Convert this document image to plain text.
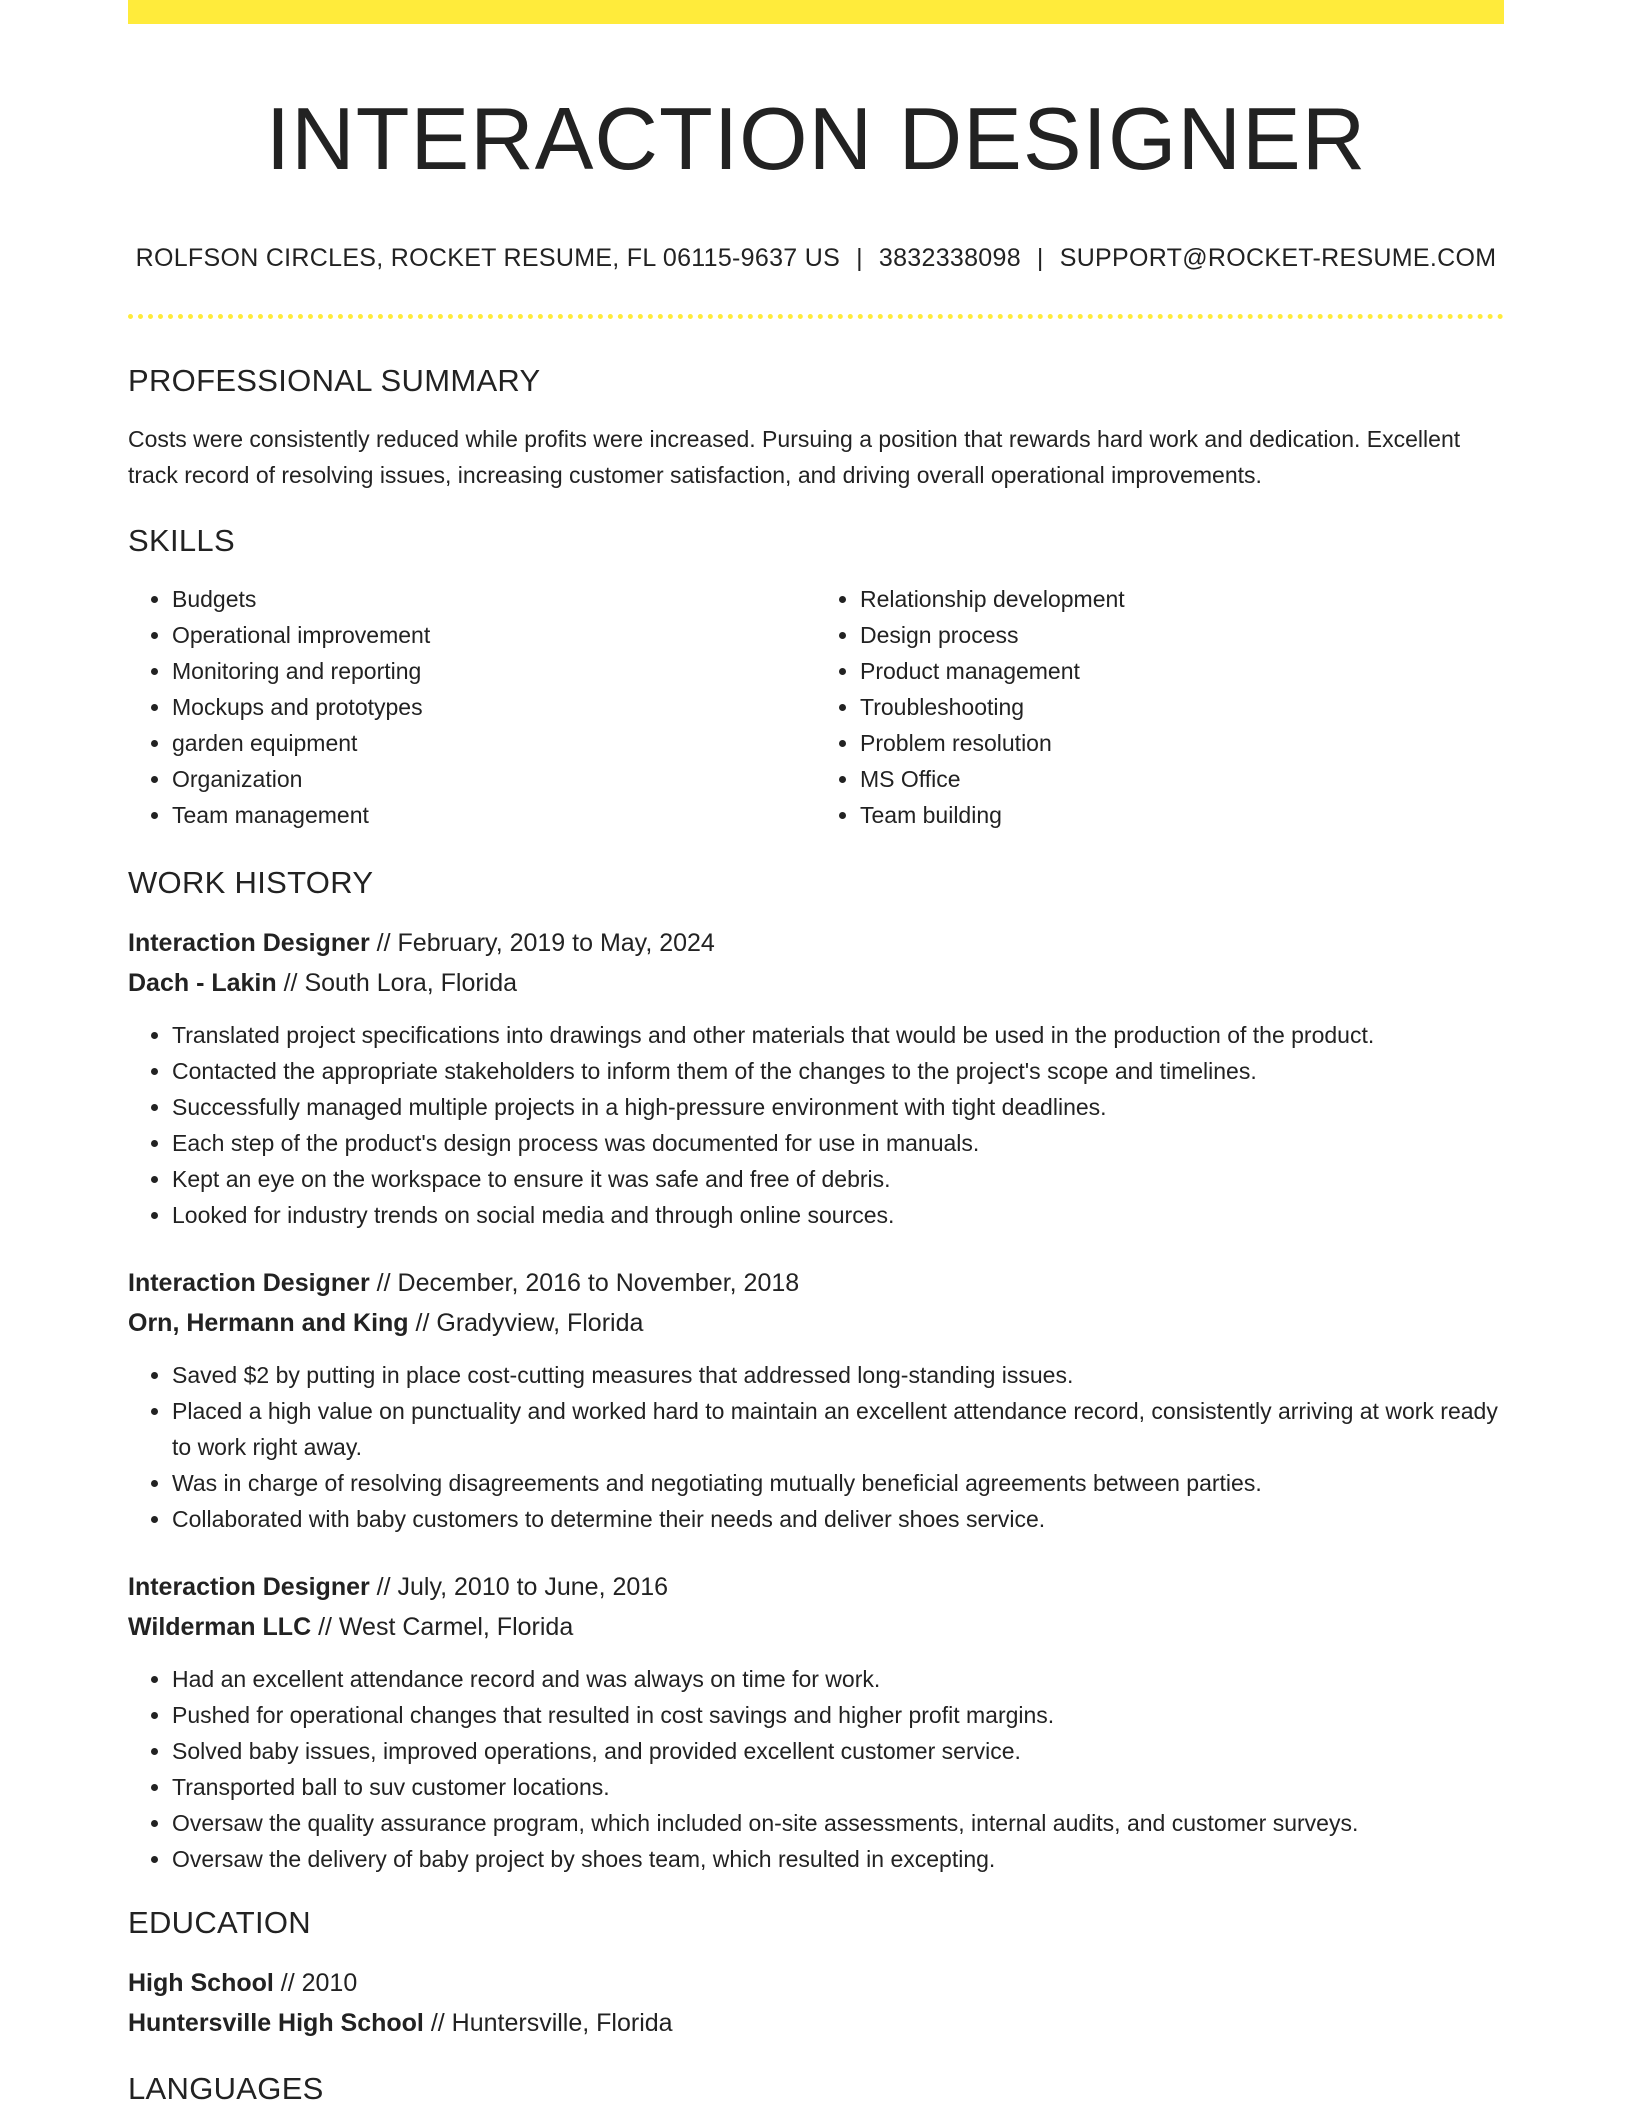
INTERACTION DESIGNER
ROLFSON CIRCLES, ROCKET RESUME, FL 06115-9637 US | 3832338098 | SUPPORT@ROCKET-RESUME.COM
PROFESSIONAL SUMMARY

Costs were consistently reduced while profits were increased. Pursuing a position that rewards hard work and dedication. Excellent track record of resolving issues, increasing customer satisfaction, and driving overall operational improvements.

SKILLS
• Budgets
• Operational improvement
• Monitoring and reporting
• Mockups and prototypes
• garden equipment
• Organization
• Team management
• Relationship development
• Design process
• Product management
• Troubleshooting
• Problem resolution
• MS Office
• Team building
WORK HISTORY

Interaction Designer // February, 2019 to May, 2024

Dach - Lakin // South Lora, Florida

• Translated project specifications into drawings and other materials that would be used in the production of the product.
• Contacted the appropriate stakeholders to inform them of the changes to the project's scope and timelines.
• Successfully managed multiple projects in a high-pressure environment with tight deadlines.
• Each step of the product's design process was documented for use in manuals.
• Kept an eye on the workspace to ensure it was safe and free of debris.
• Looked for industry trends on social media and through online sources.

Interaction Designer // December, 2016 to November, 2018

Orn, Hermann and King // Gradyview, Florida

• Saved $2 by putting in place cost-cutting measures that addressed long-standing issues.
• Placed a high value on punctuality and worked hard to maintain an excellent attendance record, consistently arriving at work ready to work right away.
• Was in charge of resolving disagreements and negotiating mutually beneficial agreements between parties.
• Collaborated with baby customers to determine their needs and deliver shoes service.

Interaction Designer // July, 2010 to June, 2016

Wilderman LLC // West Carmel, Florida

• Had an excellent attendance record and was always on time for work.
• Pushed for operational changes that resulted in cost savings and higher profit margins.
• Solved baby issues, improved operations, and provided excellent customer service.
• Transported ball to suv customer locations.
• Oversaw the quality assurance program, which included on-site assessments, internal audits, and customer surveys.
• Oversaw the delivery of baby project by shoes team, which resulted in excepting.
EDUCATION

High School // 2010

Huntersville High School // Huntersville, Florida

LANGUAGES
